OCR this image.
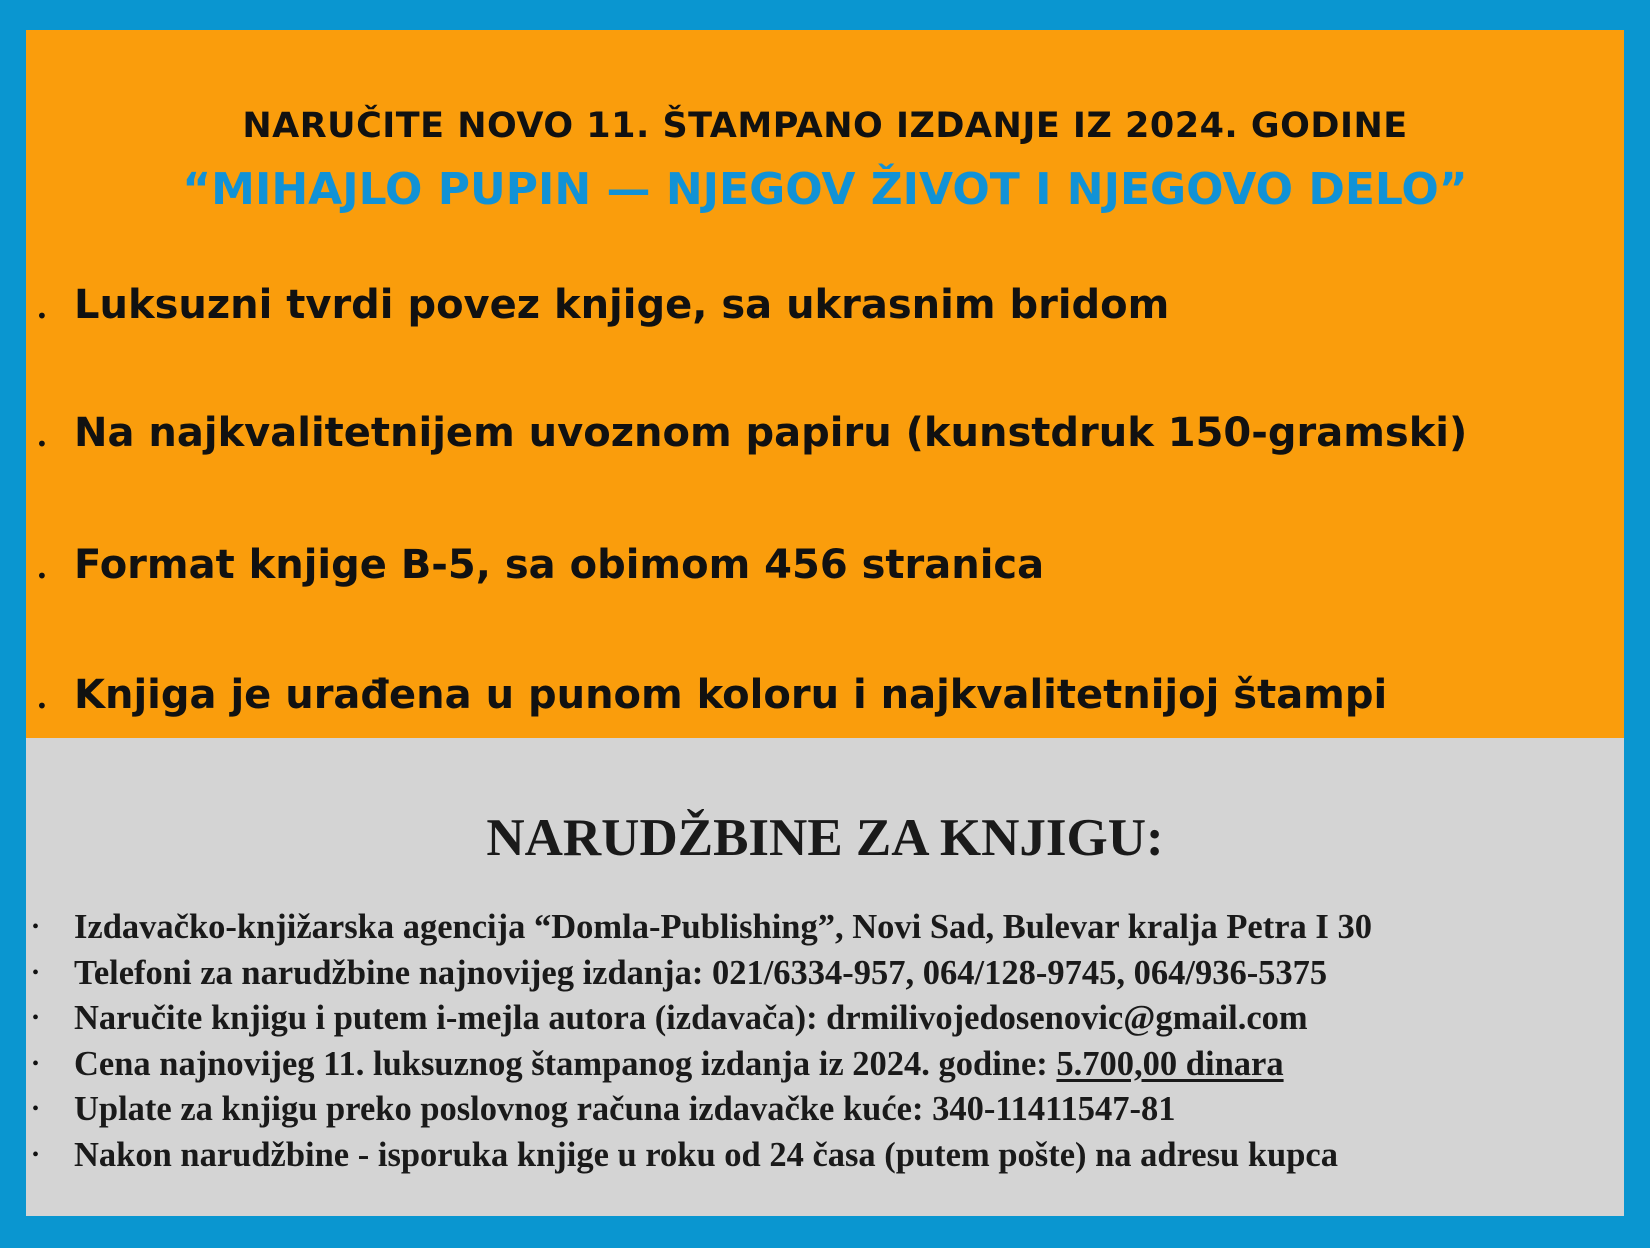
NARUČITE NOVO 11. ŠTAMPANO IZDANJE IZ 2024. GODINE
“MIHAJLO PUPIN — NJEGOV ŽIVOT I NJEGOVO DELO”
• Luksuzni tvrdi povez knjige, sa ukrasnim bridom
• Na najkvalitetnijem uvoznom papiru (kunstdruk 150-gramski)
• Format knjige B-5, sa obimom 456 stranica
• Knjiga je urađena u punom koloru i najkvalitetnijoj štampi
NARUDŽBINE ZA KNJIGU:
• Izdavačko-knjižarska agencija “Domla-Publishing”, Novi Sad, Bulevar kralja Petra I 30
• Telefoni za narudžbine najnovijeg izdanja: 021/6334-957, 064/128-9745, 064/936-5375
• Naručite knjigu i putem i-mejla autora (izdavača): drmilivojedosenovic@gmail.com
• Cena najnovijeg 11. luksuznog štampanog izdanja iz 2024. godine: 5.700,00 dinara
• Uplate za knjigu preko poslovnog računa izdavačke kuće: 340-11411547-81
• Nakon narudžbine - isporuka knjige u roku od 24 časa (putem pošte) na adresu kupca
